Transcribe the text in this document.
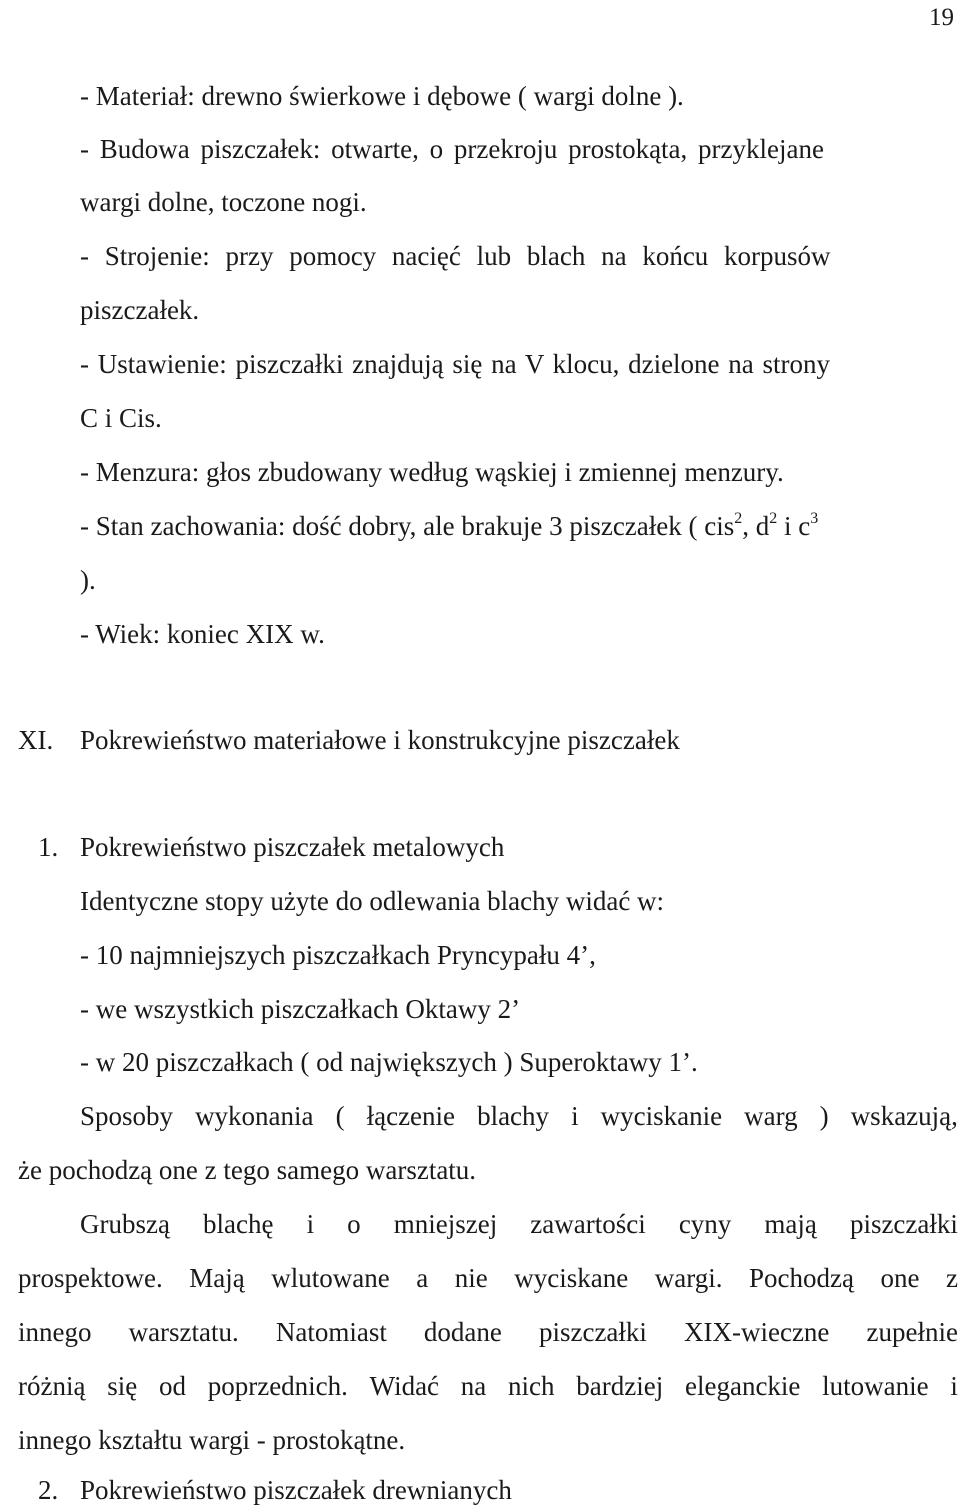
19

- Materiał: drewno świerkowe i dębowe ( wargi dolne ).

- Budowa piszczałek: otwarte, o przekroju prostokąta, przyklejane

wargi dolne, toczone nogi.

- Strojenie: przy pomocy nacięć lub blach na końcu korpusów

piszczałek.

- Ustawienie: piszczałki znajdują się na V klocu, dzielone na strony

C i Cis.

- Menzura: głos zbudowany według wąskiej i zmiennej menzury.

- Stan zachowania: dość dobry, ale brakuje 3 piszczałek ( cis$^2$, $d^2$ i $c^3$

).

- Wiek: koniec XIX w.

XI. Pokrewieństwo materiałowe i konstrukcyjne piszczałek

1. Pokrewieństwo piszczałek metalowych

Identyczne stopy użyte do odlewania blachy widać w:

- 10 najmniejszych piszczałkach Pryncypału 4’,

- we wszystkich piszczałkach Oktawy 2’

- w 20 piszczałkach ( od największych ) Superoktawy 1’.

Sposoby wykonania ( łączenie blachy i wyciskanie warg ) wskazują,

że pochodzą one z tego samego warsztatu.

Grubszą blachę i o mniejszej zawartości cyny mają piszczałki
prospektowe. Mają wlutowane a nie wyciskane wargi. Pochodzą one z
innego warsztatu. Natomiast dodane piszczałki XIX-wieczne zupełnie
różnią się od poprzednich. Widać na nich bardziej eleganckie lutowanie i

innego kształtu wargi - prostokątne.

2. Pokrewieństwo piszczałek drewnianych
